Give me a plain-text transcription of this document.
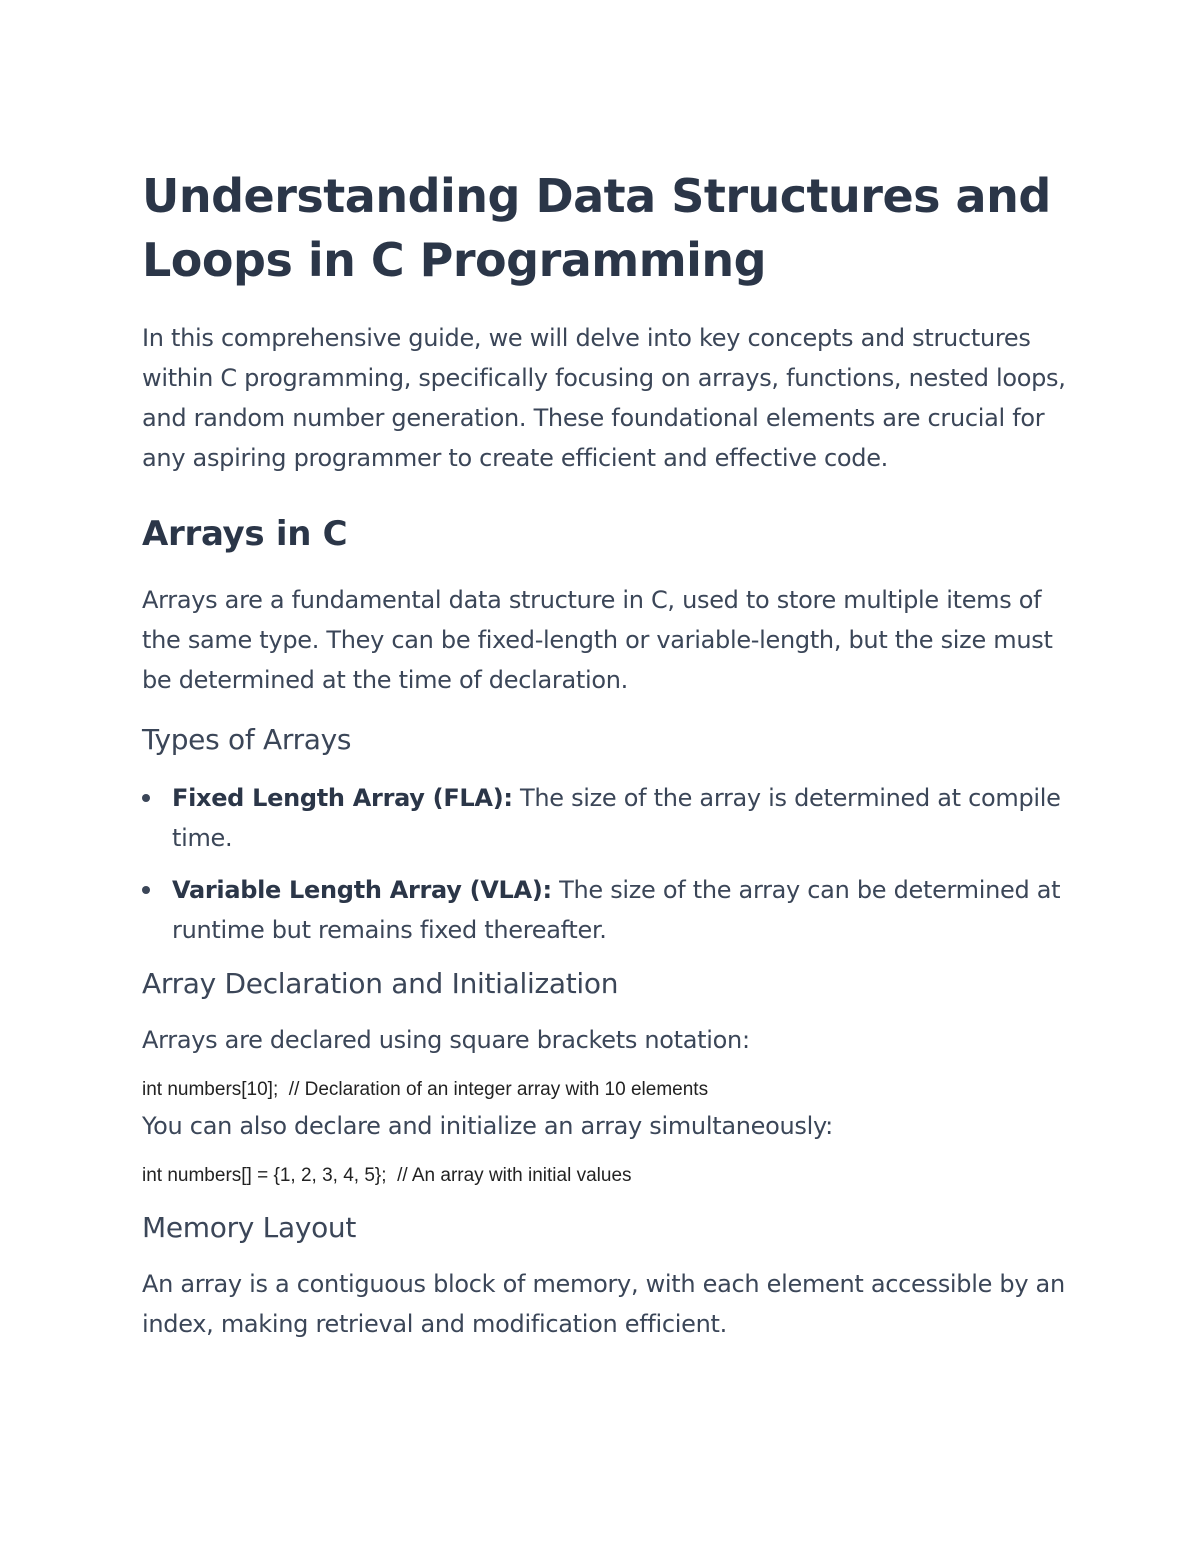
Understanding Data Structures and Loops in C Programming

In this comprehensive guide, we will delve into key concepts and structures within C programming, specifically focusing on arrays, functions, nested loops, and random number generation. These foundational elements are crucial for any aspiring programmer to create efficient and effective code.

Arrays in C

Arrays are a fundamental data structure in C, used to store multiple items of the same type. They can be fixed-length or variable-length, but the size must be determined at the time of declaration.

Types of Arrays
Fixed Length Array (FLA): The size of the array is determined at compile time.
Variable Length Array (VLA): The size of the array can be determined at runtime but remains fixed thereafter.
Array Declaration and Initialization

Arrays are declared using square brackets notation:

int numbers[10];  // Declaration of an integer array with 10 elements

You can also declare and initialize an array simultaneously:

int numbers[] = {1, 2, 3, 4, 5};  // An array with initial values
Memory Layout

An array is a contiguous block of memory, with each element accessible by an index, making retrieval and modification efficient.
